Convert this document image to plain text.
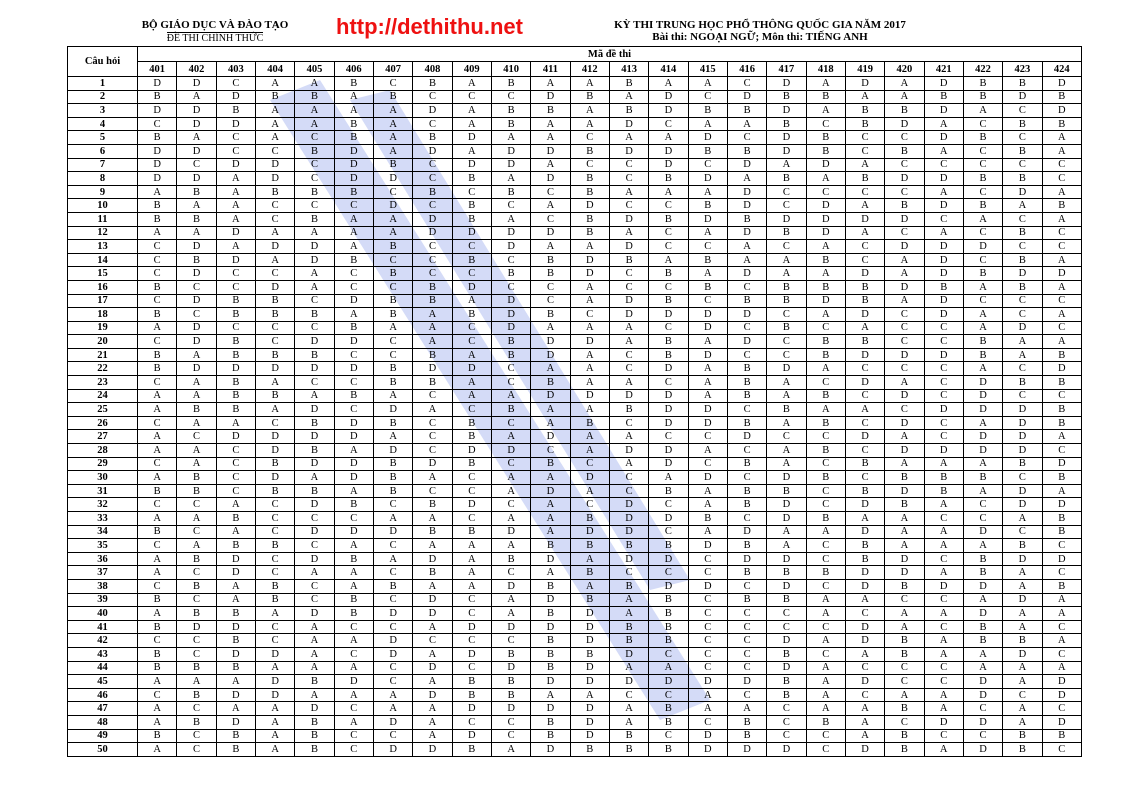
BỘ GIÁO DỤC VÀ ĐÀO TẠO
ĐỀ THI CHÍNH THỨC	http://dethithu.net	KỲ THI TRUNG HỌC PHỔ THÔNG QUỐC GIA NĂM 2017
Bài thi: NGOẠI NGỮ; Môn thi: TIẾNG ANH
Câu hỏi	Mã đề thi																							
	401	402	403	404	405	406	407	408	409	410	411	412	413	414	415	416	417	418	419	420	421	422	423	424
1	D	D	C	A	A	B	C	B	A	B	A	A	B	A	A	C	D	A	D	A	D	B	B	D
2	B	A	D	B	B	A	B	C	C	C	D	B	A	D	C	D	B	B	A	A	B	B	D	B
3	D	D	B	A	A	A	A	D	A	B	B	A	B	D	B	B	D	A	B	B	D	A	C	D
4	C	D	D	A	A	B	A	C	A	B	A	A	D	C	A	A	B	C	B	D	A	C	B	B
5	B	A	C	A	C	B	A	B	D	A	A	C	A	A	D	C	D	B	C	C	D	B	C	A
6	D	D	C	C	B	D	A	D	A	D	D	B	D	D	B	B	D	B	C	B	A	C	B	A
7	D	C	D	D	C	D	B	C	D	D	A	C	C	D	C	D	A	D	A	C	C	C	C	C
8	D	D	A	D	C	D	D	C	B	A	D	B	C	B	D	A	B	A	B	D	D	B	B	C
9	A	B	A	B	B	B	C	B	C	B	C	B	A	A	A	D	C	C	C	C	A	C	D	A
10	B	A	A	C	C	C	D	C	B	C	A	D	C	C	B	D	C	D	A	B	D	B	A	B
11	B	B	A	C	B	A	A	D	B	A	C	B	D	B	D	B	D	D	D	D	C	A	C	A
12	A	A	D	A	A	A	A	D	D	D	D	B	A	C	A	D	B	D	A	C	A	C	B	C
13	C	D	A	D	D	A	B	C	C	D	A	A	D	C	C	A	C	A	C	D	D	D	C	C
14	C	B	D	A	D	B	C	C	B	C	B	D	B	A	B	A	A	B	C	A	D	C	B	A
15	C	D	C	C	A	C	B	C	C	B	B	D	C	B	A	D	A	A	D	A	D	B	D	D
16	B	C	C	D	A	C	C	B	D	C	C	A	C	C	B	C	B	B	B	D	B	A	B	A
17	C	D	B	B	C	D	B	B	A	D	C	A	D	B	C	B	B	D	B	A	D	C	C	C
18	B	C	B	B	B	A	B	A	B	D	B	C	D	D	D	D	C	A	D	C	D	A	C	A
19	A	D	C	C	C	B	A	A	C	D	A	A	A	C	D	C	B	C	A	C	C	A	D	C
20	C	D	B	C	D	D	C	A	C	B	D	D	A	B	A	D	C	B	B	C	C	B	A	A
21	B	A	B	B	B	C	C	B	A	B	D	A	C	B	D	C	C	B	D	D	D	B	A	B
22	B	D	D	D	D	D	B	D	D	C	A	A	C	D	A	B	D	A	C	C	C	A	C	D
23	C	A	B	A	C	C	B	B	A	C	B	A	A	C	A	B	A	C	D	A	C	D	B	B
24	A	A	B	B	A	B	A	C	A	A	D	D	D	D	A	B	A	B	C	D	C	D	C	C
25	A	B	B	A	D	C	D	A	C	B	A	A	B	D	D	C	B	A	A	C	D	D	D	B
26	C	A	A	C	B	D	B	C	B	C	A	B	C	D	D	B	A	B	C	D	C	A	D	B
27	A	C	D	D	D	D	A	C	B	A	D	A	A	C	C	D	C	C	D	A	C	D	D	A
28	A	A	C	D	B	A	D	C	D	D	C	A	D	D	A	C	A	B	C	D	D	D	D	C
29	C	A	C	B	D	D	B	D	B	C	B	C	A	D	C	B	A	C	B	A	A	A	B	D
30	A	B	C	D	A	D	B	A	C	A	A	D	C	A	D	C	D	B	C	B	B	B	C	B
31	B	B	C	B	B	A	B	C	C	A	D	A	C	B	A	B	B	C	B	D	B	A	D	A
32	C	C	A	C	D	B	C	B	D	C	A	C	D	C	A	B	D	C	D	B	A	C	D	D
33	A	A	B	C	C	C	A	A	C	A	A	B	D	D	B	C	D	B	A	A	C	C	A	B
34	B	C	A	C	D	D	D	B	B	D	A	D	D	C	A	D	A	A	D	A	A	D	C	B
35	C	A	B	B	C	A	C	A	A	A	B	B	B	B	D	B	A	C	B	A	A	A	B	C
36	A	B	D	C	D	B	A	D	A	B	D	A	D	D	C	D	D	C	B	D	C	B	D	D
37	A	C	D	C	A	A	C	B	A	C	A	B	C	C	C	B	B	B	D	D	A	B	A	C
38	C	B	A	B	C	A	B	A	A	D	B	A	B	D	D	C	D	C	D	B	D	D	A	B
39	B	C	A	B	C	B	C	D	C	A	D	B	A	B	C	B	B	A	A	C	C	A	D	A
40	A	B	B	A	D	B	D	D	C	A	B	D	A	B	C	C	C	A	C	A	A	D	A	A
41	B	D	D	C	A	C	C	A	D	D	D	D	B	B	C	C	C	C	D	A	C	B	A	C
42	C	C	B	C	A	A	D	C	C	C	B	D	B	B	C	C	D	A	D	B	A	B	B	A
43	B	C	D	D	A	C	D	A	D	B	B	B	D	C	C	C	B	C	A	B	A	A	D	C
44	B	B	B	A	A	A	C	D	C	D	B	D	A	A	C	C	D	A	C	C	C	A	A	A
45	A	A	A	D	B	D	C	A	B	B	D	D	D	D	D	D	B	A	D	C	C	D	A	D
46	C	B	D	D	A	A	A	D	B	B	A	A	C	C	A	C	B	A	C	A	A	D	C	D
47	A	C	A	A	D	C	A	A	D	D	D	D	A	B	A	A	C	A	A	B	A	C	A	C
48	A	B	D	A	B	A	D	A	C	C	B	D	A	B	C	B	C	B	A	C	D	D	A	D
49	B	C	B	A	B	C	C	A	D	C	B	D	B	C	D	B	C	C	A	B	C	C	B	B
50	A	C	B	A	B	C	D	D	B	A	D	B	B	B	D	D	D	C	D	B	A	D	B	C
